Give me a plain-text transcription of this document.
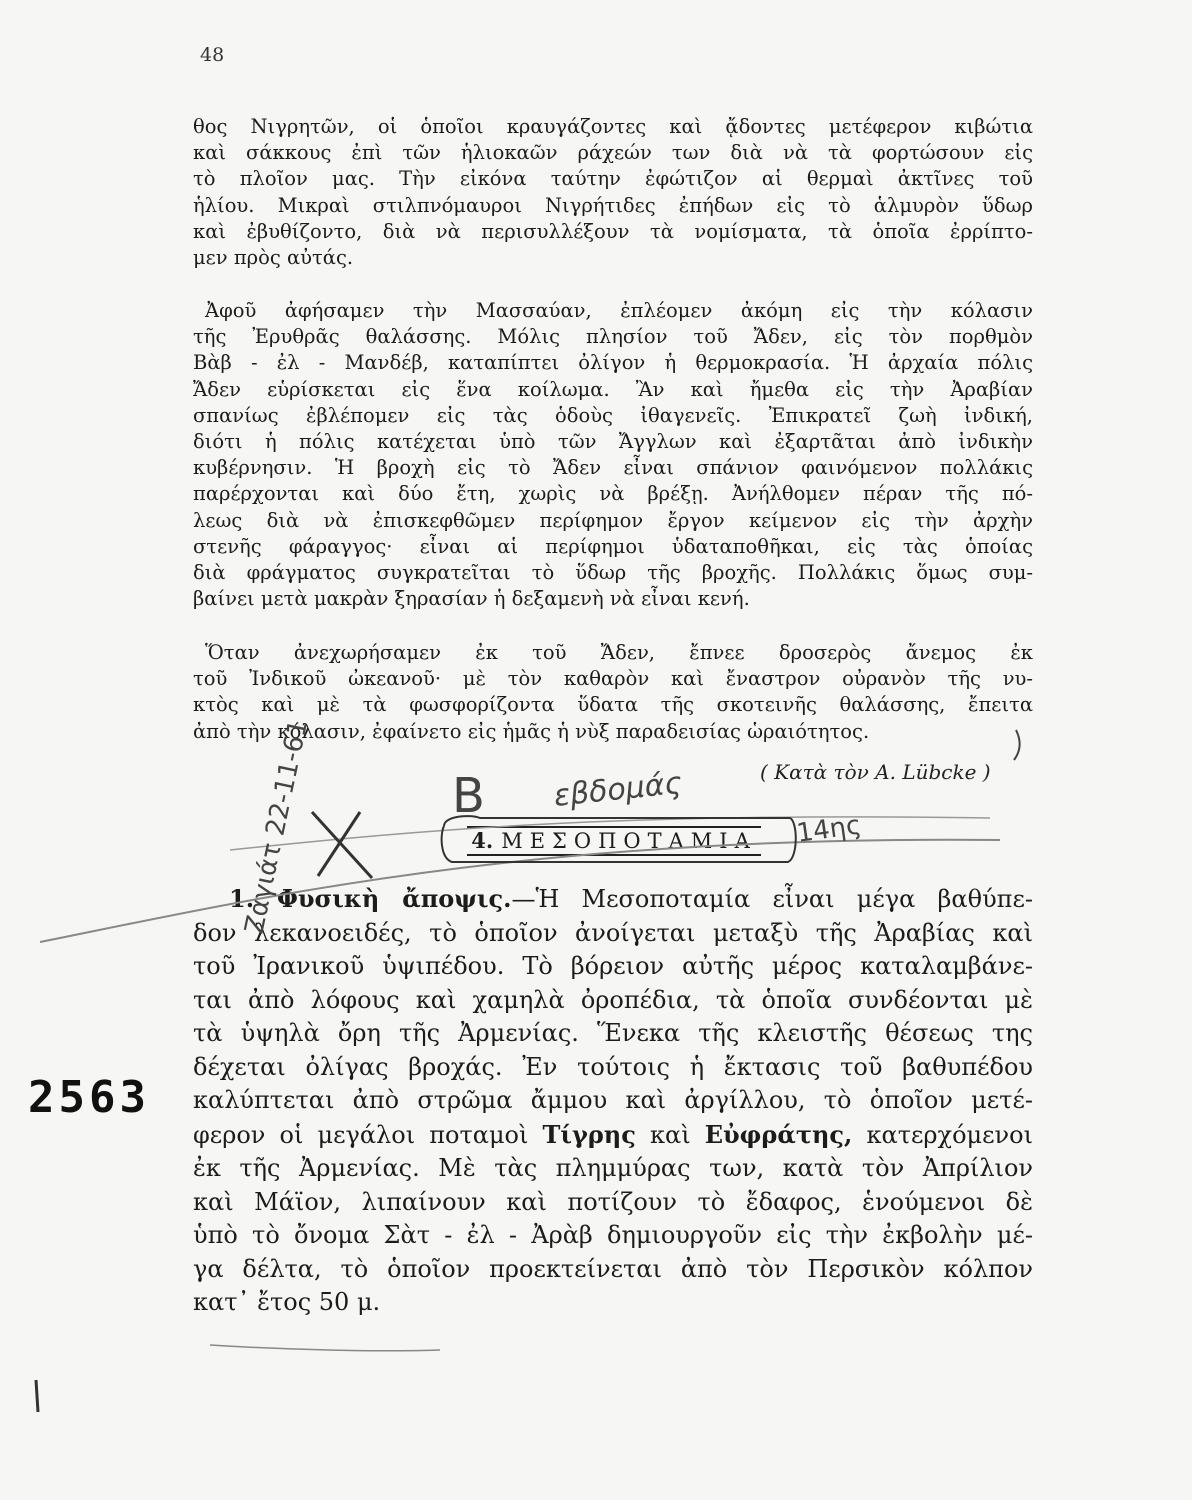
48
θος Νιγρητῶν, οἱ ὁποῖοι κραυγάζοντες καὶ ᾄδοντες μετέφερον κιβώτια
καὶ σάκκους ἐπὶ τῶν ἡλιοκαῶν ράχεών των διὰ νὰ τὰ φορτώσουν εἰς
τὸ πλοῖον μας. Τὴν εἰκόνα ταύτην ἐφώτιζον αἱ θερμαὶ ἀκτῖνες τοῦ
ἡλίου. Μικραὶ στιλπνόμαυροι Νιγρήτιδες ἐπήδων εἰς τὸ ἁλμυρὸν ὕδωρ
καὶ ἐβυθίζοντο, διὰ νὰ περισυλλέξουν τὰ νομίσματα, τὰ ὁποῖα ἐρρίπτο-
μεν πρὸς αὐτάς.
Ἀφοῦ ἀφήσαμεν τὴν Μασσαύαν, ἐπλέομεν ἀκόμη εἰς τὴν κόλασιν
τῆς Ἐρυθρᾶς θαλάσσης. Μόλις πλησίον τοῦ Ἄδεν, εἰς τὸν πορθμὸν
Βὰβ - ἐλ - Μανδέβ, καταπίπτει ὀλίγον ἡ θερμοκρασία. Ἡ ἀρχαία πόλις
Ἄδεν εὑρίσκεται εἰς ἕνα κοίλωμα. Ἂν καὶ ἤμεθα εἰς τὴν Ἀραβίαν
σπανίως ἐβλέπομεν εἰς τὰς ὁδοὺς ἰθαγενεῖς. Ἐπικρατεῖ ζωὴ ἰνδική,
διότι ἡ πόλις κατέχεται ὑπὸ τῶν Ἄγγλων καὶ ἐξαρτᾶται ἀπὸ ἰνδικὴν
κυβέρνησιν. Ἡ βροχὴ εἰς τὸ Ἄδεν εἶναι σπάνιον φαινόμενον πολλάκις
παρέρχονται καὶ δύο ἔτη, χωρὶς νὰ βρέξῃ. Ἀνήλθομεν πέραν τῆς πό-
λεως διὰ νὰ ἐπισκεφθῶμεν περίφημον ἔργον κείμενον εἰς τὴν ἀρχὴν
στενῆς φάραγγος· εἶναι αἱ περίφημοι ὑδαταποθῆκαι, εἰς τὰς ὁποίας
διὰ φράγματος συγκρατεῖται τὸ ὕδωρ τῆς βροχῆς. Πολλάκις ὅμως συμ-
βαίνει μετὰ μακρὰν ξηρασίαν ἡ δεξαμενὴ νὰ εἶναι κενή.
Ὅταν ἀνεχωρήσαμεν ἐκ τοῦ Ἄδεν, ἔπνεε δροσερὸς ἄνεμος ἐκ
τοῦ Ἰνδικοῦ ὠκεανοῦ· μὲ τὸν καθαρὸν καὶ ἔναστρον οὐρανὸν τῆς νυ-
κτὸς καὶ μὲ τὰ φωσφορίζοντα ὕδατα τῆς σκοτεινῆς θαλάσσης, ἔπειτα
ἀπὸ τὴν κόλασιν, ἐφαίνετο εἰς ἡμᾶς ἡ νὺξ παραδεισίας ὡραιότητος.
( Κατὰ τὸν Α. Lübcke )
4. ΜΕΣΟΠΟΤΑΜΙΑ
1. Φυσικὴ ἄποψις.—Ἡ Μεσοποταμία εἶναι μέγα βαθύπε-
δον λεκανοειδές, τὸ ὁποῖον ἀνοίγεται μεταξὺ τῆς Ἀραβίας καὶ
τοῦ Ἰρανικοῦ ὑψιπέδου. Τὸ βόρειον αὐτῆς μέρος καταλαμβάνε-
ται ἀπὸ λόφους καὶ χαμηλὰ ὀροπέδια, τὰ ὁποῖα συνδέονται μὲ
τὰ ὑψηλὰ ὄρη τῆς Ἀρμενίας. Ἕνεκα τῆς κλειστῆς θέσεως της
δέχεται ὀλίγας βροχάς. Ἐν τούτοις ἡ ἔκτασις τοῦ βαθυπέδου
καλύπτεται ἀπὸ στρῶμα ἄμμου καὶ ἀργίλλου, τὸ ὁποῖον μετέ-
φερον οἱ μεγάλοι ποταμοὶ Τίγρης καὶ Εὐφράτης, κατερχόμενοι
ἐκ τῆς Ἀρμενίας. Μὲ τὰς πλημμύρας των, κατὰ τὸν Ἀπρίλιον
καὶ Μάϊον, λιπαίνουν καὶ ποτίζουν τὸ ἔδαφος, ἑνούμενοι δὲ
ὑπὸ τὸ ὄνομα Σὰτ - ἐλ - Ἀρὰβ δημιουργοῦν εἰς τὴν ἐκβολὴν μέ-
γα δέλτα, τὸ ὁποῖον προεκτείνεται ἀπὸ τὸν Περσικὸν κόλπον
κατ᾽ ἔτος 50 μ.
2563
B εβδομάς
14ης
Ζαγιάτ 22-11-61
